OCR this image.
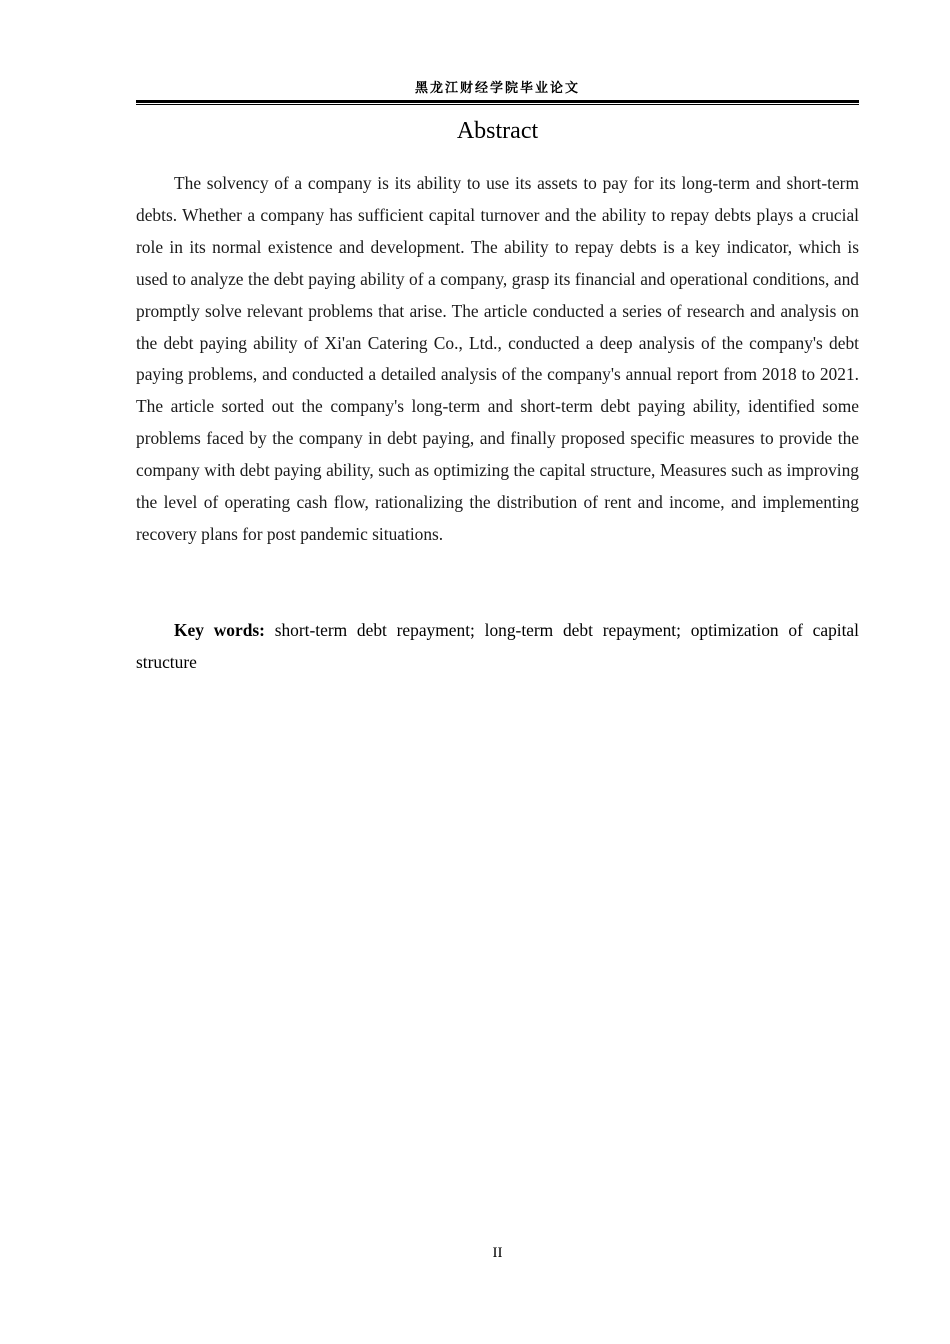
黑龙江财经学院毕业论文
Abstract

The solvency of a company is its ability to use its assets to pay for its long-term and short-term debts. Whether a company has sufficient capital turnover and the ability to repay debts plays a crucial role in its normal existence and development. The ability to repay debts is a key indicator, which is used to analyze the debt paying ability of a company, grasp its financial and operational conditions, and promptly solve relevant problems that arise. The article conducted a series of research and analysis on the debt paying ability of Xi'an Catering Co., Ltd., conducted a deep analysis of the company's debt paying problems, and conducted a detailed analysis of the company's annual report from 2018 to 2021. The article sorted out the company's long-term and short-term debt paying ability, identified some problems faced by the company in debt paying, and finally proposed specific measures to provide the company with debt paying ability, such as optimizing the capital structure, Measures such as improving the level of operating cash flow, rationalizing the distribution of rent and income, and implementing recovery plans for post pandemic situations.

Key words: short-term debt repayment; long-term debt repayment; optimization of capital structure
II
